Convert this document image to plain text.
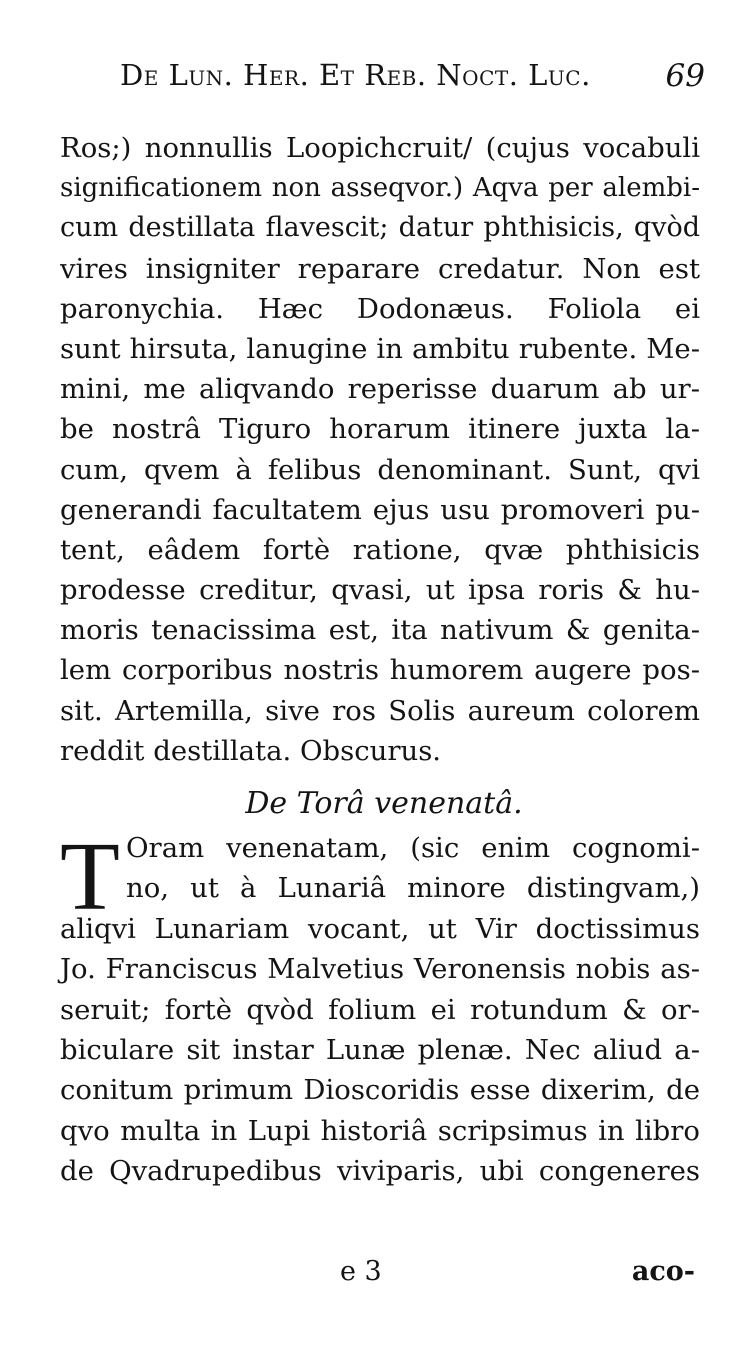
De Lun. Her. Et Reb. Noct. Luc. 69
Ros;) nonnullis Loopichcruit/ (cujus vocabuli
significationem non asseqvor.) Aqva per alembi-
cum destillata flavescit; datur phthisicis, qvòd
vires insigniter reparare credatur. Non est
paronychia. Hæc Dodonæus. Foliola ei
sunt hirsuta, lanugine in ambitu rubente. Me-
mini, me aliqvando reperisse duarum ab ur-
be nostrâ Tiguro horarum itinere juxta la-
cum, qvem à felibus denominant. Sunt, qvi
generandi facultatem ejus usu promoveri pu-
tent, eâdem fortè ratione, qvæ phthisicis
prodesse creditur, qvasi, ut ipsa roris & hu-
moris tenacissima est, ita nativum & genita-
lem corporibus nostris humorem augere pos-
sit. Artemilla, sive ros Solis aureum colorem
reddit destillata. Obscurus.
De Torâ venenatâ.
T Oram venenatam, (sic enim cognomi-
no, ut à Lunariâ minore distingvam,)
aliqvi Lunariam vocant, ut Vir doctissimus
Jo. Franciscus Malvetius Veronensis nobis as-
seruit; fortè qvòd folium ei rotundum & or-
biculare sit instar Lunæ plenæ. Nec aliud a-
conitum primum Dioscoridis esse dixerim, de
qvo multa in Lupi historiâ scripsimus in libro
de Qvadrupedibus viviparis, ubi congeneres
e 3	aco-
